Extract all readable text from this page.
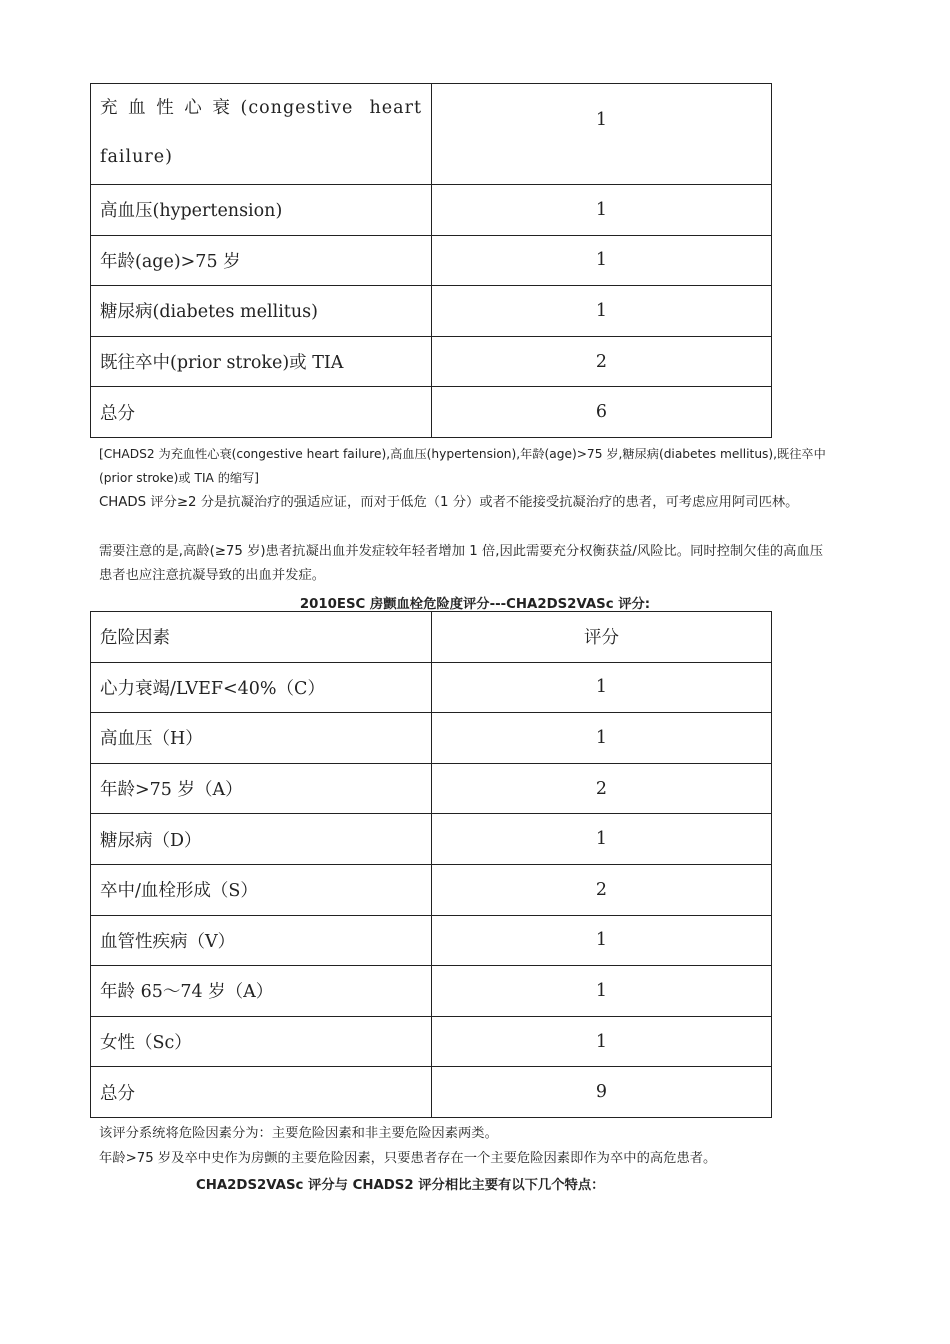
充血性心衰(congestive heart failure)	1
高血压(hypertension)	1
年龄(age)>75 岁	1
糖尿病(diabetes mellitus)	1
既往卒中(prior stroke)或 TIA	2
总分	6

[CHADS2 为充血性心衰(congestive heart failure),高血压(hypertension),年龄(age)>75 岁,糖尿病(diabetes mellitus),既往卒中(prior stroke)或 TIA 的缩写]

CHADS 评分≥2 分是抗凝治疗的强适应证，而对于低危（1 分）或者不能接受抗凝治疗的患者，可考虑应用阿司匹林。

需要注意的是,高龄(≥75 岁)患者抗凝出血并发症较年轻者增加 1 倍,因此需要充分权衡获益/风险比。同时控制欠佳的高血压患者也应注意抗凝导致的出血并发症。

2010ESC 房颤血栓危险度评分---CHA2DS2VASc 评分:

危险因素	评分
心力衰竭/LVEF<40%（C）	1
高血压（H）	1
年龄>75 岁（A）	2
糖尿病（D）	1
卒中/血栓形成（S）	2
血管性疾病（V）	1
年龄 65～74 岁（A）	1
女性（Sc）	1
总分	9

该评分系统将危险因素分为：主要危险因素和非主要危险因素两类。

年龄>75 岁及卒中史作为房颤的主要危险因素，只要患者存在一个主要危险因素即作为卒中的高危患者。

CHA2DS2VASc 评分与 CHADS2 评分相比主要有以下几个特点：
